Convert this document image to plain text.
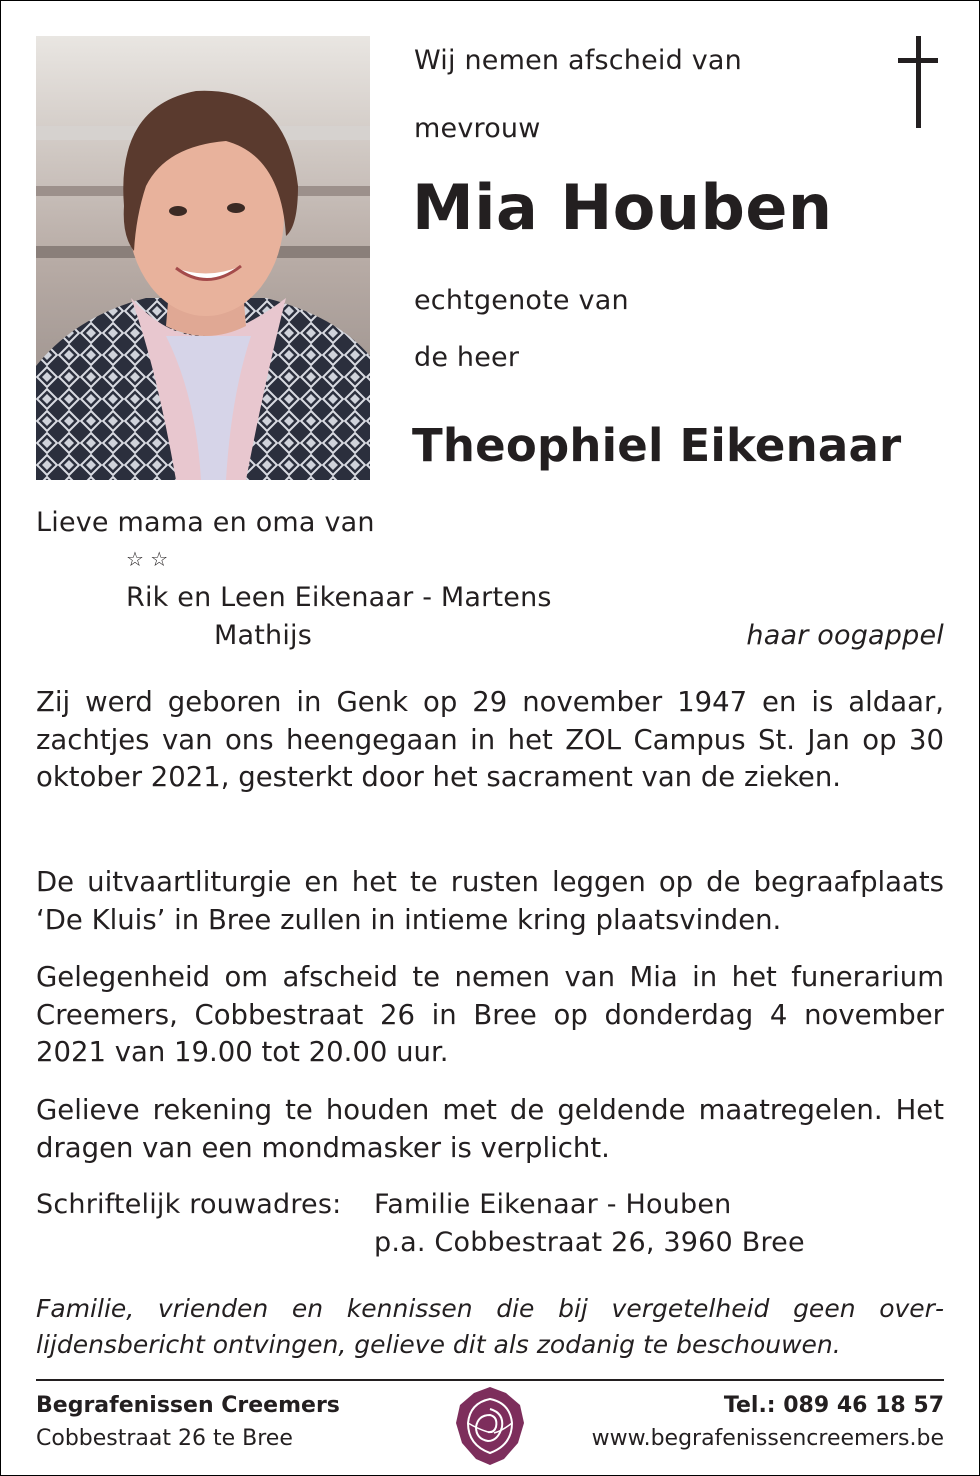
Wij nemen afscheid van
mevrouw
Mia Houben
echtgenote van
de heer
Theophiel Eikenaar
Lieve mama en oma van
☆ ☆
Rik en Leen Eikenaar - Martens
Mathijs	haar oogappel
Zij werd geboren in Genk op 29 november 1947 en is aldaar, zachtjes van ons heengegaan in het ZOL Campus St. Jan op 30 oktober 2021, gesterkt door het sacrament van de zieken.
De uitvaartliturgie en het te rusten leggen op de begraafplaats ‘De Kluis’ in Bree zullen in intieme kring plaatsvinden.
Gelegenheid om afscheid te nemen van Mia in het funerarium Creemers, Cobbestraat 26 in Bree op donderdag 4 november 2021 van 19.00 tot 20.00 uur.
Gelieve rekening te houden met de geldende maatregelen. Het dragen van een mondmasker is verplicht.
Schriftelijk rouwadres: Familie Eikenaar - Houben
p.a. Cobbestraat 26, 3960 Bree
Familie, vrienden en kennissen die bij vergetelheid geen overlijdensbericht ontvingen, gelieve dit als zodanig te beschouwen.
Begrafenissen Creemers
Cobbestraat 26 te Bree
Tel.: 089 46 18 57
www.begrafenissencreemers.be
